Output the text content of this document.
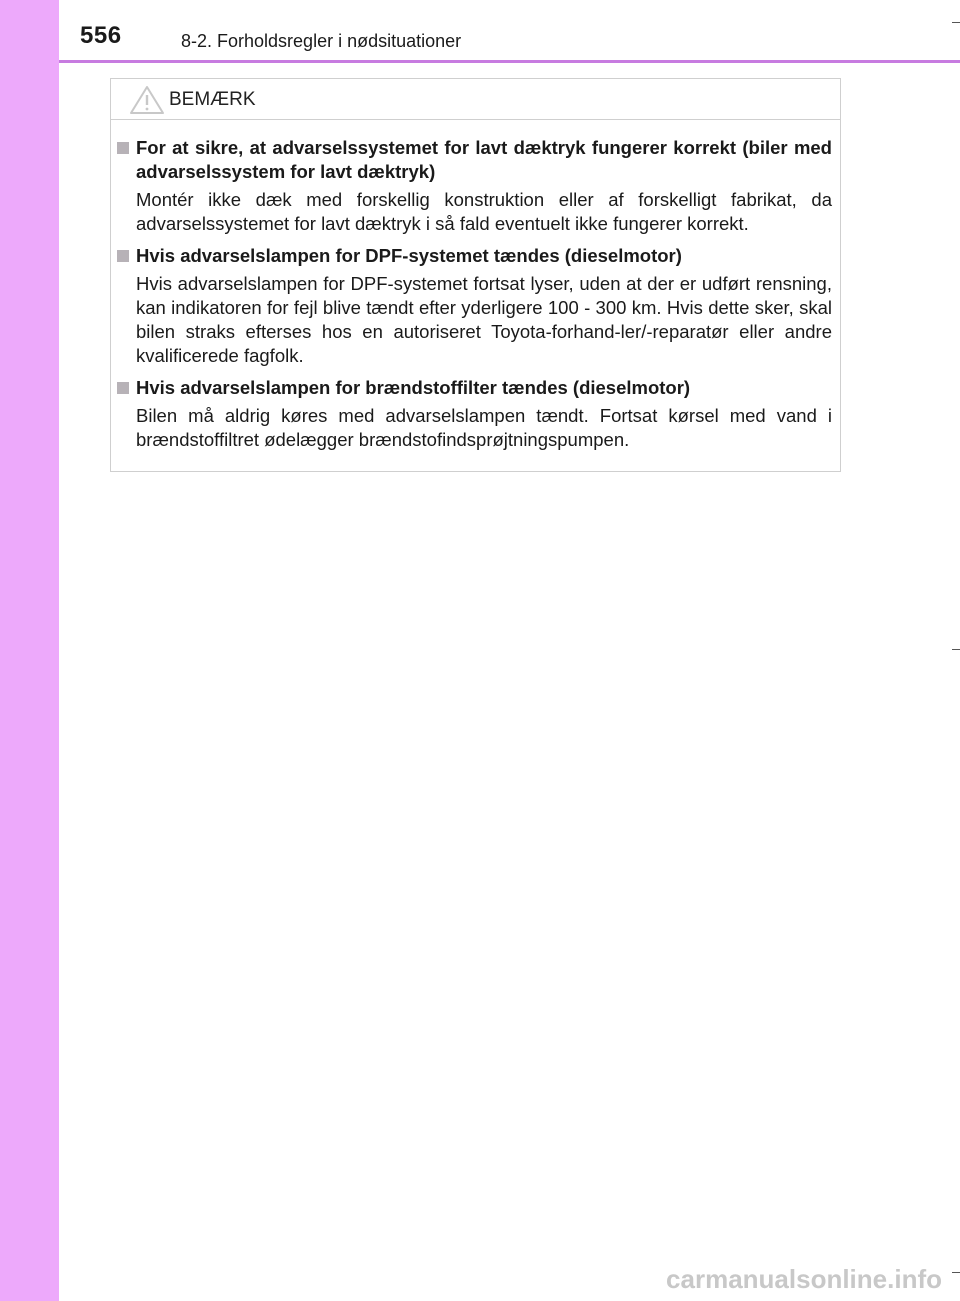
556	8-2. Forholdsregler i nødsituationer
BEMÆRK
For at sikre, at advarselssystemet for lavt dæktryk fungerer korrekt (biler med advarselssystem for lavt dæktryk)
Montér ikke dæk med forskellig konstruktion eller af forskelligt fabrikat, da advarselssystemet for lavt dæktryk i så fald eventuelt ikke fungerer korrekt.
Hvis advarselslampen for DPF-systemet tændes (dieselmotor)
Hvis advarselslampen for DPF-systemet fortsat lyser, uden at der er udført rensning, kan indikatoren for fejl blive tændt efter yderligere 100 - 300 km. Hvis dette sker, skal bilen straks efterses hos en autoriseret Toyota-forhand-ler/-reparatør eller andre kvalificerede fagfolk.
Hvis advarselslampen for brændstoffilter tændes (dieselmotor)
Bilen må aldrig køres med advarselslampen tændt. Fortsat kørsel med vand i brændstoffiltret ødelægger brændstofindsprøjtningspumpen.
carmanualsonline.info
